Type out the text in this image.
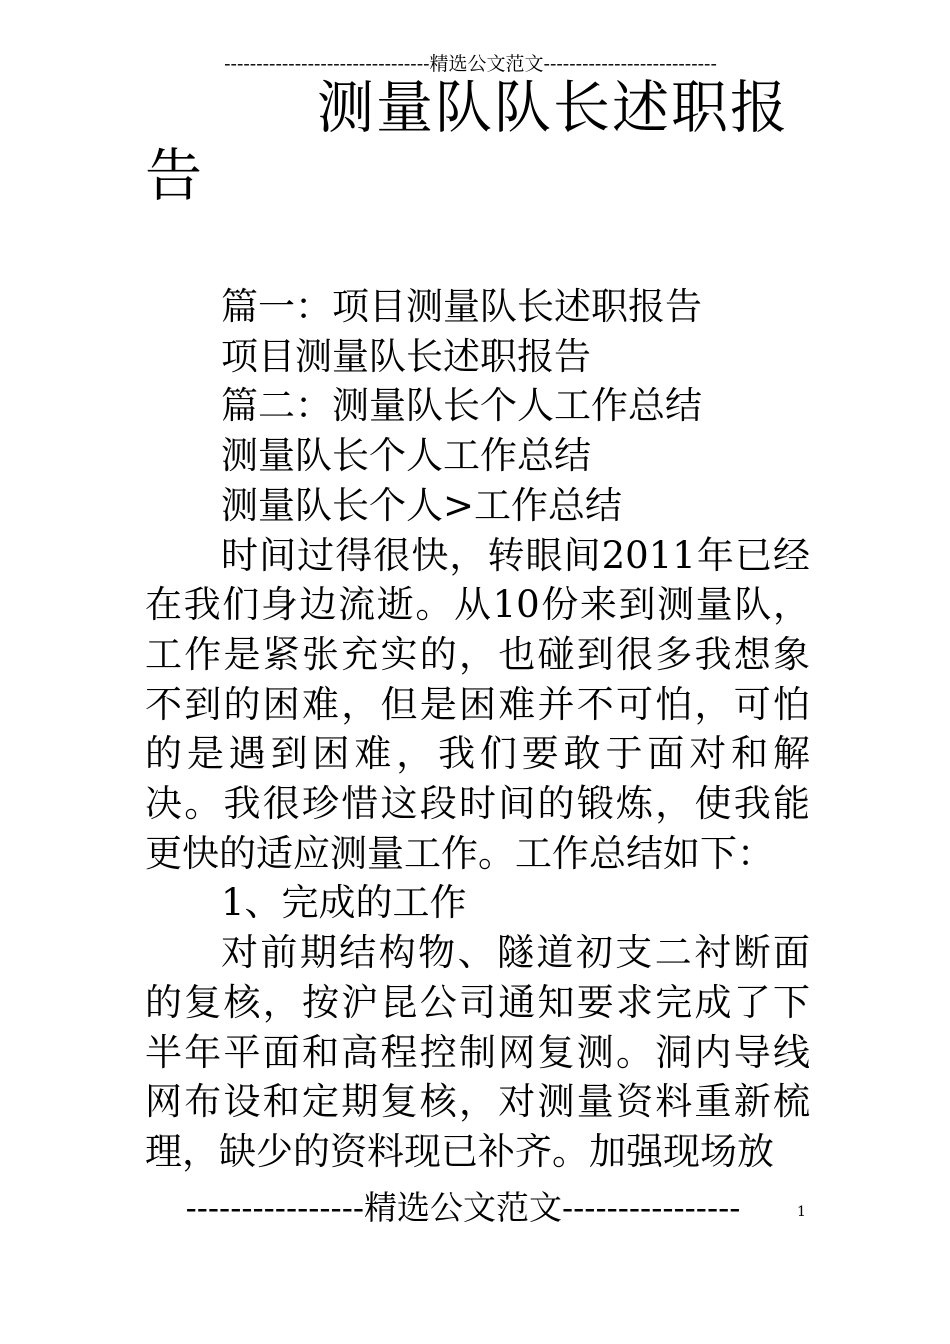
--------------------------------精选公文范文---------------------------
测量队队长述职报告

篇一：项目测量队长述职报告

项目测量队长述职报告

篇二：测量队长个人工作总结

测量队长个人工作总结

测量队长个人>工作总结

时间过得很快，转眼间2011年已经在我们身边流逝。从10份来到测量队，工作是紧张充实的，也碰到很多我想象不到的困难，但是困难并不可怕，可怕的是遇到困难，我们要敢于面对和解决。我很珍惜这段时间的锻炼，使我能更快的适应测量工作。工作总结如下：

1、完成的工作

对前期结构物、隧道初支二衬断面的复核，按沪昆公司通知要求完成了下半年平面和高程控制网复测。洞内导线网布设和定期复核，对测量资料重新梳理，缺少的资料现已补齐。加强现场放

----------------精选公文范文----------------	1
